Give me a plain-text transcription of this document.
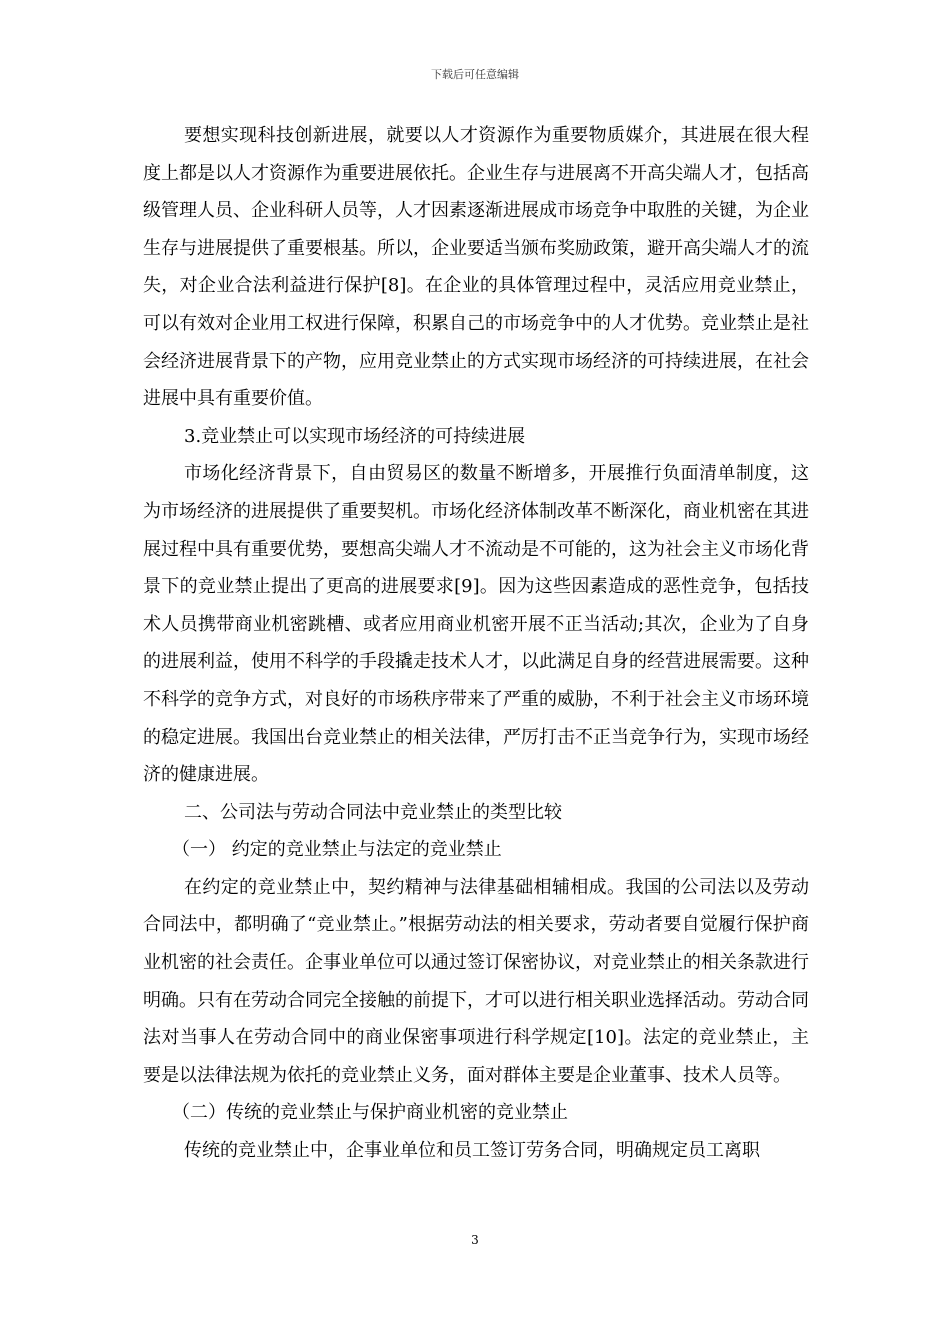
下载后可任意编辑

要想实现科技创新进展，就要以人才资源作为重要物质媒介，其进展在很大程度上都是以人才资源作为重要进展依托。企业生存与进展离不开高尖端人才，包括高级管理人员、企业科研人员等，人才因素逐渐进展成市场竞争中取胜的关键，为企业生存与进展提供了重要根基。所以，企业要适当颁布奖励政策，避开高尖端人才的流失，对企业合法利益进行保护[8]。在企业的具体管理过程中，灵活应用竞业禁止，可以有效对企业用工权进行保障，积累自己的市场竞争中的人才优势。竞业禁止是社会经济进展背景下的产物，应用竞业禁止的方式实现市场经济的可持续进展，在社会进展中具有重要价值。

3.竞业禁止可以实现市场经济的可持续进展

市场化经济背景下，自由贸易区的数量不断增多，开展推行负面清单制度，这为市场经济的进展提供了重要契机。市场化经济体制改革不断深化，商业机密在其进展过程中具有重要优势，要想高尖端人才不流动是不可能的，这为社会主义市场化背景下的竞业禁止提出了更高的进展要求[9]。因为这些因素造成的恶性竞争，包括技术人员携带商业机密跳槽、或者应用商业机密开展不正当活动;其次，企业为了自身的进展利益，使用不科学的手段撬走技术人才，以此满足自身的经营进展需要。这种不科学的竞争方式，对良好的市场秩序带来了严重的威胁，不利于社会主义市场环境的稳定进展。我国出台竞业禁止的相关法律，严厉打击不正当竞争行为，实现市场经济的健康进展。

二、公司法与劳动合同法中竞业禁止的类型比较

（一） 约定的竞业禁止与法定的竞业禁止

在约定的竞业禁止中，契约精神与法律基础相辅相成。我国的公司法以及劳动合同法中，都明确了“竞业禁止。”根据劳动法的相关要求，劳动者要自觉履行保护商业机密的社会责任。企事业单位可以通过签订保密协议，对竞业禁止的相关条款进行明确。只有在劳动合同完全接触的前提下，才可以进行相关职业选择活动。劳动合同法对当事人在劳动合同中的商业保密事项进行科学规定[10]。法定的竞业禁止，主要是以法律法规为依托的竞业禁止义务，面对群体主要是企业董事、技术人员等。

（二）传统的竞业禁止与保护商业机密的竞业禁止

传统的竞业禁止中，企事业单位和员工签订劳务合同，明确规定员工离职

3
